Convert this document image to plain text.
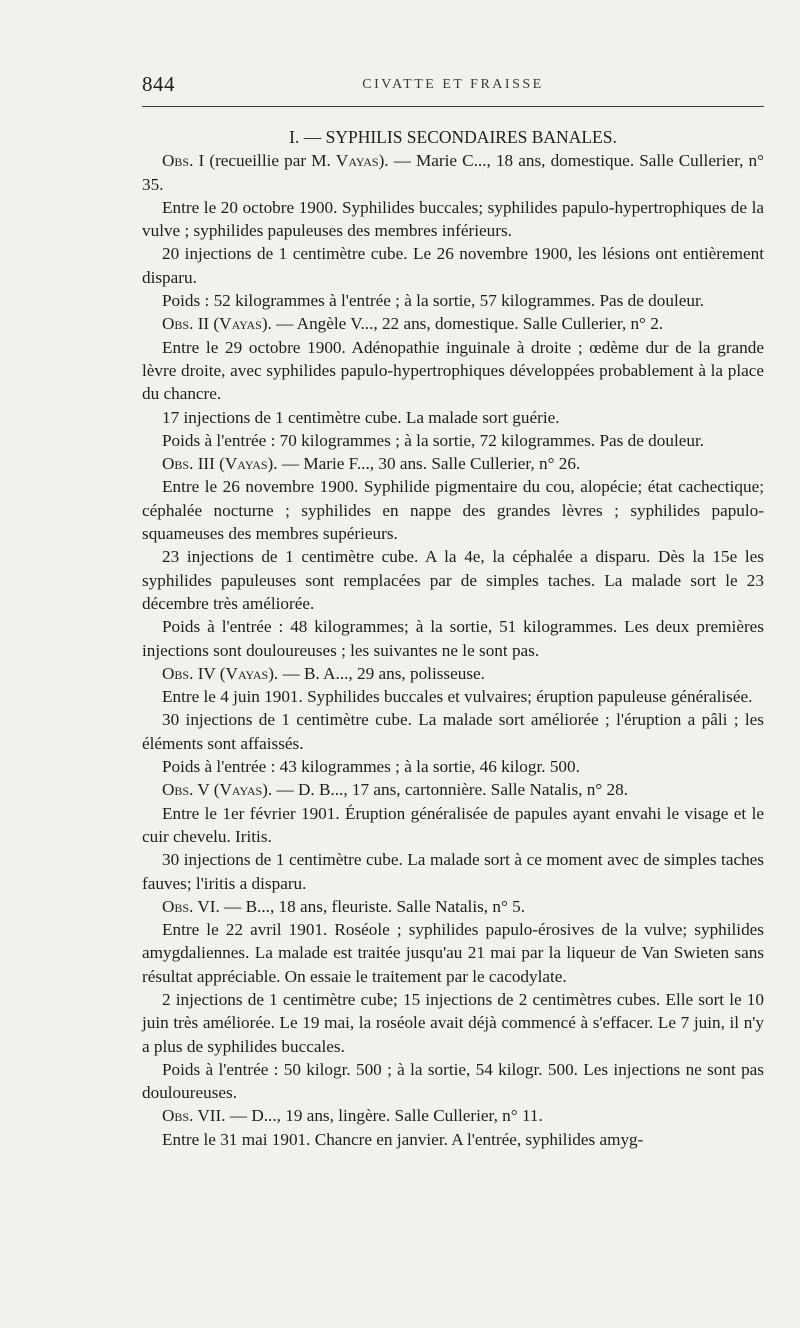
844	CIVATTE ET FRAISSE
I. — SYPHILIS SECONDAIRES BANALES.

Obs. I (recueillie par M. Vayas). — Marie C..., 18 ans, domestique. Salle Cullerier, n° 35.

Entre le 20 octobre 1900. Syphilides buccales; syphilides papulo-hypertrophiques de la vulve ; syphilides papuleuses des membres inférieurs.

20 injections de 1 centimètre cube. Le 26 novembre 1900, les lésions ont entièrement disparu.

Poids : 52 kilogrammes à l'entrée ; à la sortie, 57 kilogrammes. Pas de douleur.

Obs. II (Vayas). — Angèle V..., 22 ans, domestique. Salle Cullerier, n° 2.

Entre le 29 octobre 1900. Adénopathie inguinale à droite ; œdème dur de la grande lèvre droite, avec syphilides papulo-hypertrophiques développées probablement à la place du chancre.

17 injections de 1 centimètre cube. La malade sort guérie.

Poids à l'entrée : 70 kilogrammes ; à la sortie, 72 kilogrammes. Pas de douleur.

Obs. III (Vayas). — Marie F..., 30 ans. Salle Cullerier, n° 26.

Entre le 26 novembre 1900. Syphilide pigmentaire du cou, alopécie; état cachectique; céphalée nocturne ; syphilides en nappe des grandes lèvres ; syphilides papulo-squameuses des membres supérieurs.

23 injections de 1 centimètre cube. A la 4e, la céphalée a disparu. Dès la 15e les syphilides papuleuses sont remplacées par de simples taches. La malade sort le 23 décembre très améliorée.

Poids à l'entrée : 48 kilogrammes; à la sortie, 51 kilogrammes. Les deux premières injections sont douloureuses ; les suivantes ne le sont pas.

Obs. IV (Vayas). — B. A..., 29 ans, polisseuse.

Entre le 4 juin 1901. Syphilides buccales et vulvaires; éruption papuleuse généralisée.

30 injections de 1 centimètre cube. La malade sort améliorée ; l'éruption a pâli ; les éléments sont affaissés.

Poids à l'entrée : 43 kilogrammes ; à la sortie, 46 kilogr. 500.

Obs. V (Vayas). — D. B..., 17 ans, cartonnière. Salle Natalis, n° 28.

Entre le 1er février 1901. Éruption généralisée de papules ayant envahi le visage et le cuir chevelu. Iritis.

30 injections de 1 centimètre cube. La malade sort à ce moment avec de simples taches fauves; l'iritis a disparu.

Obs. VI. — B..., 18 ans, fleuriste. Salle Natalis, n° 5.

Entre le 22 avril 1901. Roséole ; syphilides papulo-érosives de la vulve; syphilides amygdaliennes. La malade est traitée jusqu'au 21 mai par la liqueur de Van Swieten sans résultat appréciable. On essaie le traitement par le cacodylate.

2 injections de 1 centimètre cube; 15 injections de 2 centimètres cubes. Elle sort le 10 juin très améliorée. Le 19 mai, la roséole avait déjà commencé à s'effacer. Le 7 juin, il n'y a plus de syphilides buccales.

Poids à l'entrée : 50 kilogr. 500 ; à la sortie, 54 kilogr. 500. Les injections ne sont pas douloureuses.

Obs. VII. — D..., 19 ans, lingère. Salle Cullerier, n° 11.

Entre le 31 mai 1901. Chancre en janvier. A l'entrée, syphilides amyg-
